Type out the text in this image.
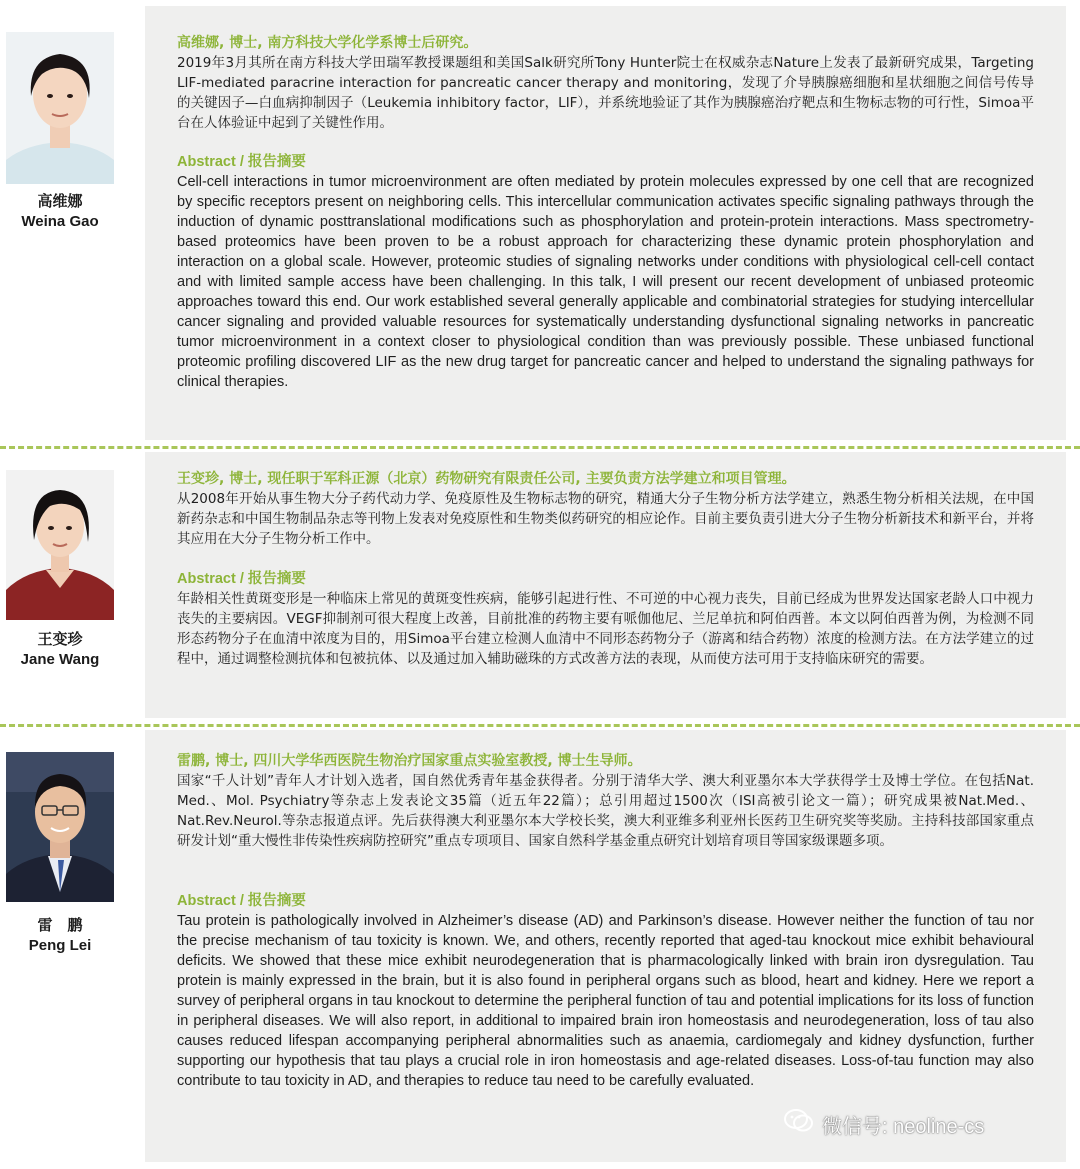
高维娜
Weina Gao
高维娜, 博士, 南方科技大学化学系博士后研究。
2019年3月其所在南方科技大学田瑞军教授课题组和美国Salk研究所Tony Hunter院士在权威杂志Nature上发表了最新研究成果，Targeting LIF-mediated paracrine interaction for pancreatic cancer therapy and monitoring，发现了介导胰腺癌细胞和星状细胞之间信号传导的关键因子—白血病抑制因子（Leukemia inhibitory factor，LIF），并系统地验证了其作为胰腺癌治疗靶点和生物标志物的可行性，Simoa平台在人体验证中起到了关键性作用。
Abstract / 报告摘要
Cell-cell interactions in tumor microenvironment are often mediated by protein molecules expressed by one cell that are recognized by specific receptors present on neighboring cells. This intercellular communication activates specific signaling pathways through the induction of dynamic posttranslational modifications such as phosphorylation and protein-protein interactions. Mass spectrometry-based proteomics have been proven to be a robust approach for characterizing these dynamic protein phosphorylation and interaction on a global scale. However, proteomic studies of signaling networks under conditions with physiological cell-cell contact and with limited sample access have been challenging. In this talk, I will present our recent development of unbiased proteomic approaches toward this end. Our work established several generally applicable and combinatorial strategies for studying intercellular cancer signaling and provided valuable resources for systematically understanding dysfunctional signaling networks in pancreatic tumor microenvironment in a context closer to physiological condition than was previously possible. These unbiased functional proteomic profiling discovered LIF as the new drug target for pancreatic cancer and helped to understand the signaling pathways for clinical therapies.
王变珍
Jane Wang
王变珍, 博士, 现任职于军科正源（北京）药物研究有限责任公司, 主要负责方法学建立和项目管理。
从2008年开始从事生物大分子药代动力学、免疫原性及生物标志物的研究，精通大分子生物分析方法学建立，熟悉生物分析相关法规，在中国新药杂志和中国生物制品杂志等刊物上发表对免疫原性和生物类似药研究的相应论作。目前主要负责引进大分子生物分析新技术和新平台，并将其应用在大分子生物分析工作中。
Abstract / 报告摘要
年龄相关性黄斑变形是一种临床上常见的黄斑变性疾病，能够引起进行性、不可逆的中心视力丧失，目前已经成为世界发达国家老龄人口中视力丧失的主要病因。VEGF抑制剂可很大程度上改善，目前批准的药物主要有哌伽他尼、兰尼单抗和阿伯西普。本文以阿伯西普为例，为检测不同形态药物分子在血清中浓度为目的，用Simoa平台建立检测人血清中不同形态药物分子（游离和结合药物）浓度的检测方法。在方法学建立的过程中，通过调整检测抗体和包被抗体、以及通过加入辅助磁珠的方式改善方法的表现，从而使方法可用于支持临床研究的需要。
雷　鹏
Peng Lei
雷鹏, 博士, 四川大学华西医院生物治疗国家重点实验室教授, 博士生导师。
国家“千人计划”青年人才计划入选者，国自然优秀青年基金获得者。分别于清华大学、澳大利亚墨尔本大学获得学士及博士学位。在包括Nat. Med.、Mol. Psychiatry等杂志上发表论文35篇（近五年22篇）；总引用超过1500次（ISI高被引论文一篇）；研究成果被Nat.Med.、Nat.Rev.Neurol.等杂志报道点评。先后获得澳大利亚墨尔本大学校长奖，澳大利亚维多利亚州长医药卫生研究奖等奖励。主持科技部国家重点研发计划“重大慢性非传染性疾病防控研究”重点专项项目、国家自然科学基金重点研究计划培育项目等国家级课题多项。
Abstract / 报告摘要
Tau protein is pathologically involved in Alzheimer’s disease (AD) and Parkinson’s disease. However neither the function of tau nor the precise mechanism of tau toxicity is known. We, and others, recently reported that aged-tau knockout mice exhibit behavioural deficits. We showed that these mice exhibit neurodegeneration that is pharmacologically linked with brain iron dysregulation. Tau protein is mainly expressed in the brain, but it is also found in peripheral organs such as blood, heart and kidney. Here we report a survey of peripheral organs in tau knockout to determine the peripheral function of tau and potential implications for its loss of function in peripheral diseases. We will also report, in additional to impaired brain iron homeostasis and neurodegeneration, loss of tau also causes reduced lifespan accompanying peripheral abnormalities such as anaemia, cardiomegaly and kidney dysfunction, further supporting our hypothesis that tau plays a crucial role in iron homeostasis and age-related diseases. Loss-of-tau function may also contribute to tau toxicity in AD, and therapies to reduce tau need to be carefully evaluated.
微信号: neoline-cs
